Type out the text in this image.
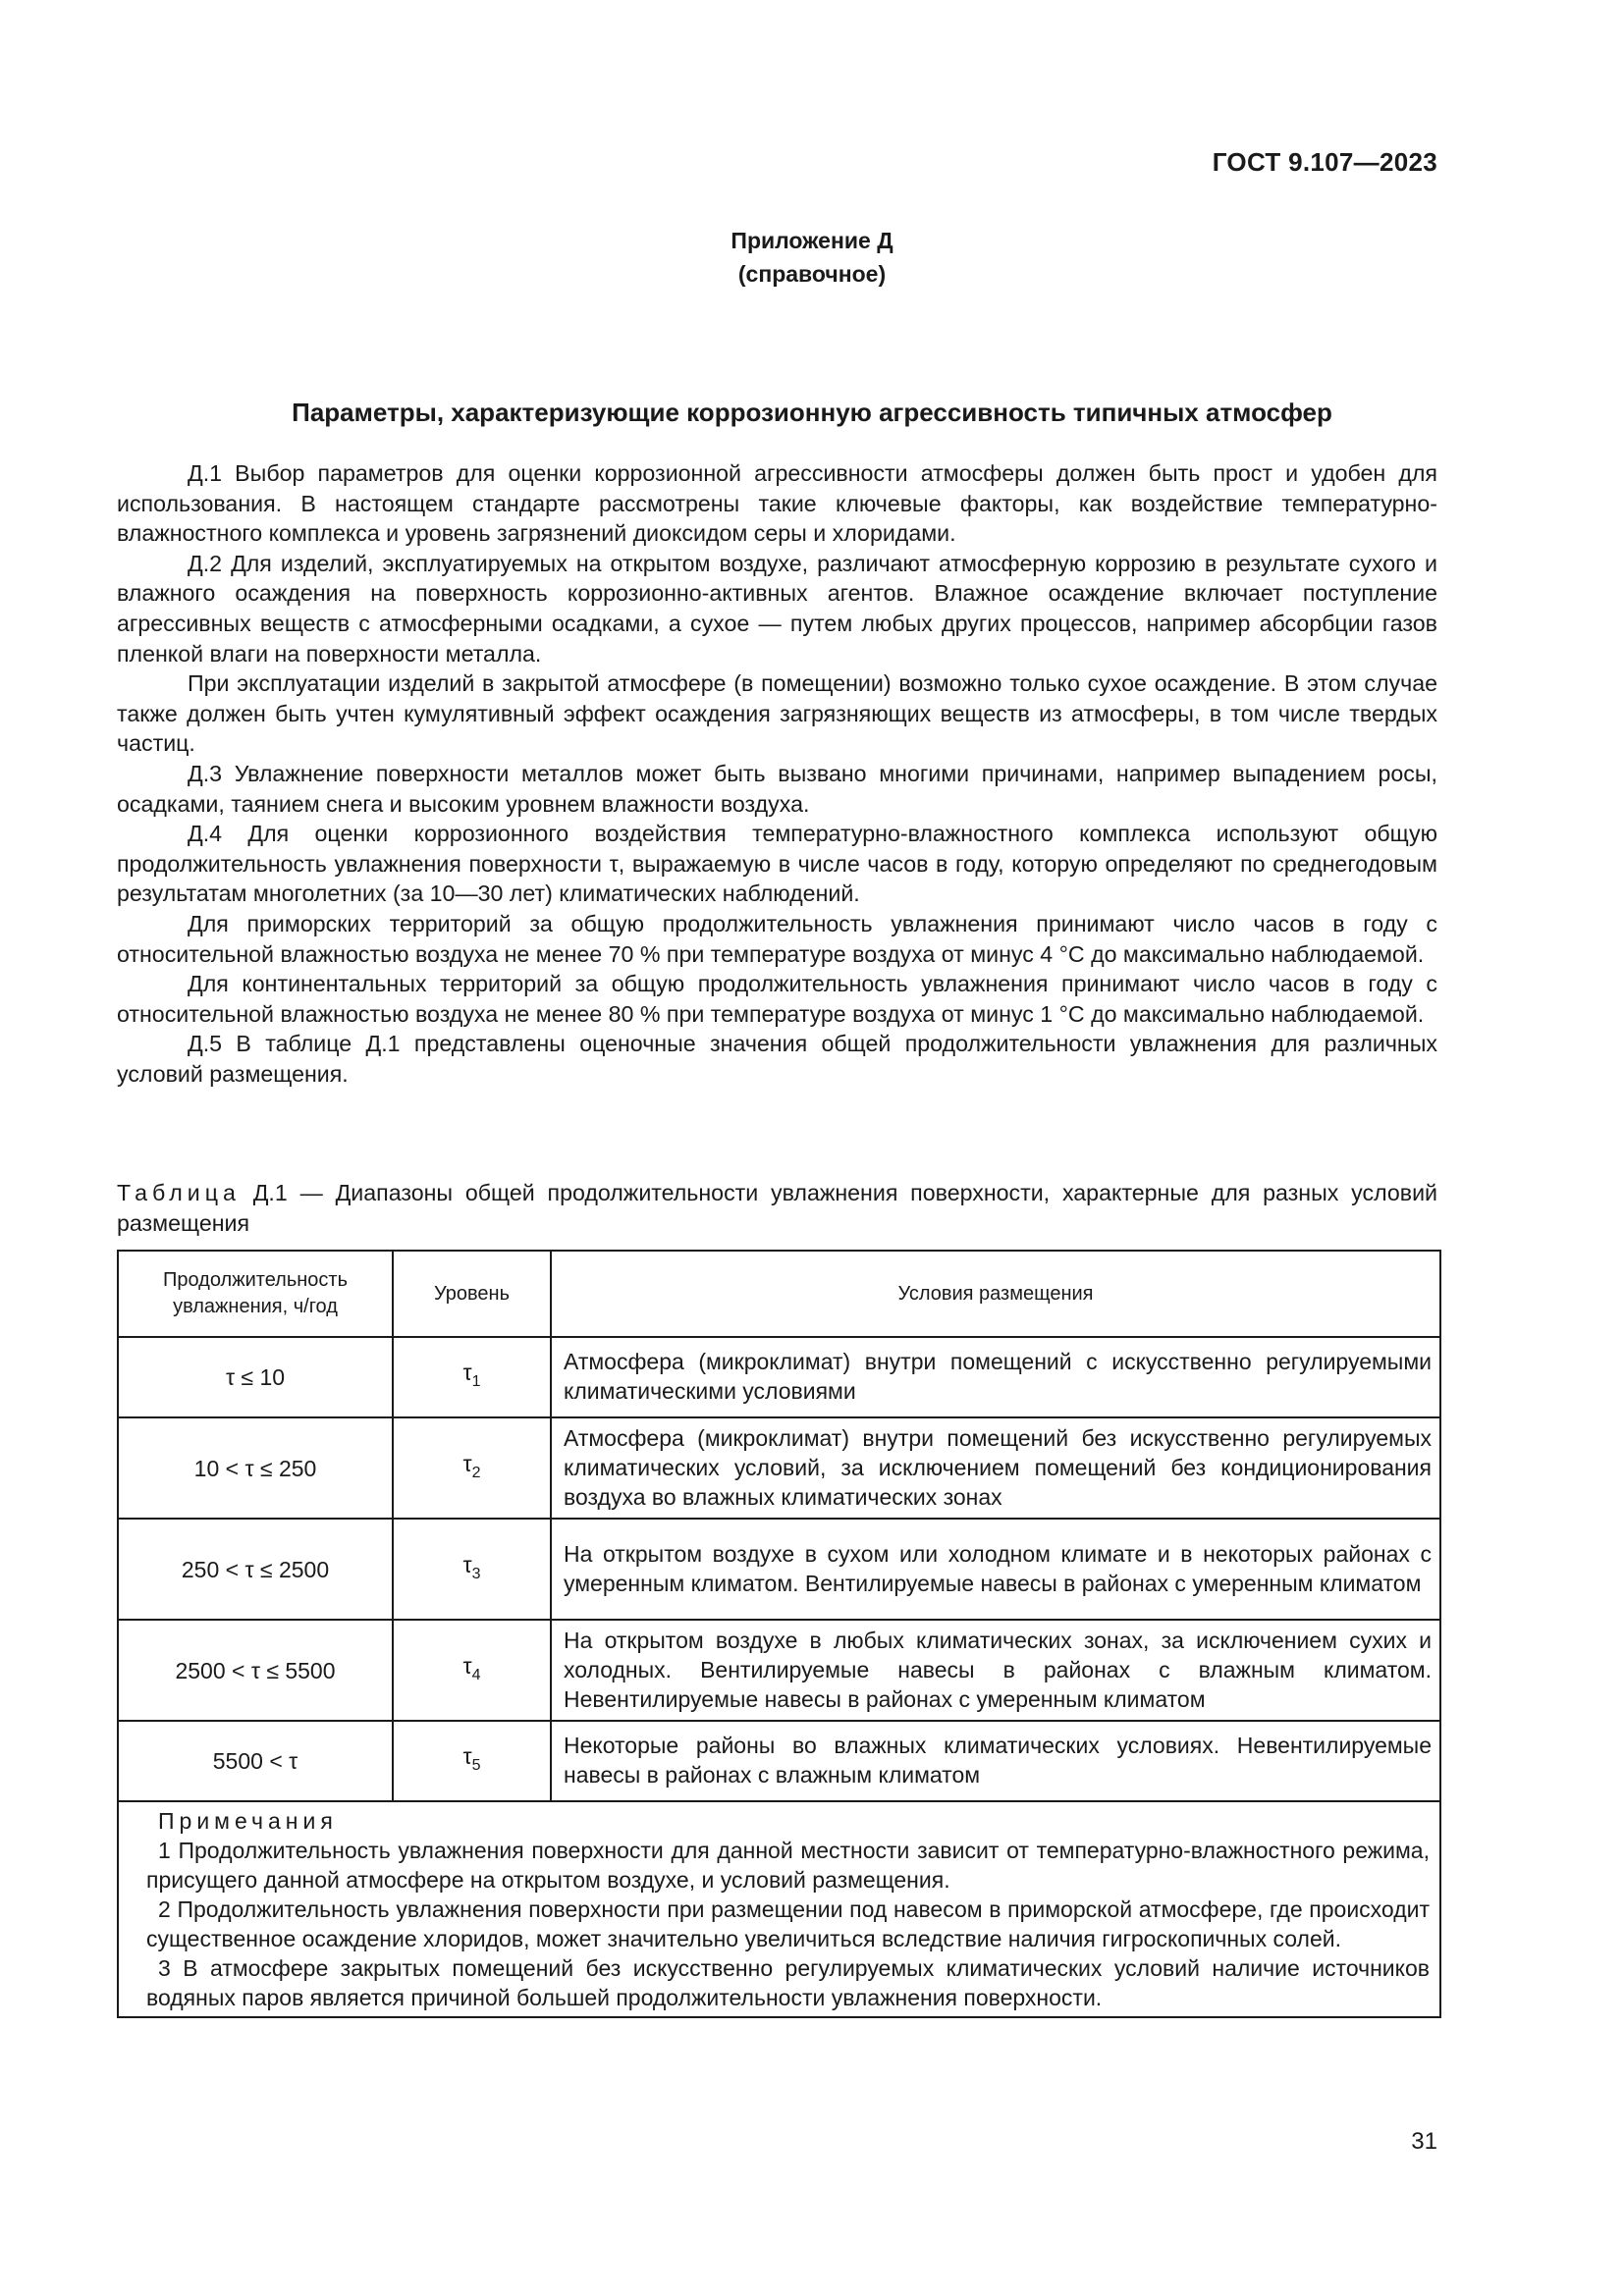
ГОСТ 9.107—2023
Приложение Д
(справочное)
Параметры, характеризующие коррозионную агрессивность типичных атмосфер

Д.1 Выбор параметров для оценки коррозионной агрессивности атмосферы должен быть прост и удобен для использования. В настоящем стандарте рассмотрены такие ключевые факторы, как воздействие температурно-влажностного комплекса и уровень загрязнений диоксидом серы и хлоридами.

Д.2 Для изделий, эксплуатируемых на открытом воздухе, различают атмосферную коррозию в результате сухого и влажного осаждения на поверхность коррозионно-активных агентов. Влажное осаждение включает поступление агрессивных веществ с атмосферными осадками, а сухое — путем любых других процессов, например абсорбции газов пленкой влаги на поверхности металла.

При эксплуатации изделий в закрытой атмосфере (в помещении) возможно только сухое осаждение. В этом случае также должен быть учтен кумулятивный эффект осаждения загрязняющих веществ из атмосферы, в том числе твердых частиц.

Д.3 Увлажнение поверхности металлов может быть вызвано многими причинами, например выпадением росы, осадками, таянием снега и высоким уровнем влажности воздуха.

Д.4 Для оценки коррозионного воздействия температурно-влажностного комплекса используют общую продолжительность увлажнения поверхности τ, выражаемую в числе часов в году, которую определяют по среднегодовым результатам многолетних (за 10—30 лет) климатических наблюдений.

Для приморских территорий за общую продолжительность увлажнения принимают число часов в году с относительной влажностью воздуха не менее 70 % при температуре воздуха от минус 4 °С до максимально наблюдаемой.

Для континентальных территорий за общую продолжительность увлажнения принимают число часов в году с относительной влажностью воздуха не менее 80 % при температуре воздуха от минус 1 °С до максимально наблюдаемой.

Д.5 В таблице Д.1 представлены оценочные значения общей продолжительности увлажнения для различных условий размещения.

Таблица Д.1 — Диапазоны общей продолжительности увлажнения поверхности, характерные для разных условий размещения
Продолжительность увлажнения, ч/год	Уровень	Условия размещения
τ ≤ 10	$\tau_1$	Атмосфера (микроклимат) внутри помещений с искусственно регулируемыми климатическими условиями
10 < τ ≤ 250	$\tau_2$	Атмосфера (микроклимат) внутри помещений без искусственно регулируемых климатических условий, за исключением помещений без кондиционирования воздуха во влажных климатических зонах
250 < τ ≤ 2500	$\tau_3$	На открытом воздухе в сухом или холодном климате и в некоторых районах с умеренным климатом. Вентилируемые навесы в районах с умеренным климатом
2500 < τ ≤ 5500	$\tau_4$	На открытом воздухе в любых климатических зонах, за исключением сухих и холодных. Вентилируемые навесы в районах с влажным климатом. Невентилируемые навесы в районах с умеренным климатом
5500 < τ	$\tau_5$	Некоторые районы во влажных климатических условиях. Невентилируемые навесы в районах с влажным климатом

Примечания

1 Продолжительность увлажнения поверхности для данной местности зависит от температурно-влажностного режима, присущего данной атмосфере на открытом воздухе, и условий размещения.

2 Продолжительность увлажнения поверхности при размещении под навесом в приморской атмосфере, где происходит существенное осаждение хлоридов, может значительно увеличиться вследствие наличия гигроскопичных солей.

3 В атмосфере закрытых помещений без искусственно регулируемых климатических условий наличие источников водяных паров является причиной большей продолжительности увлажнения поверхности.		

31
